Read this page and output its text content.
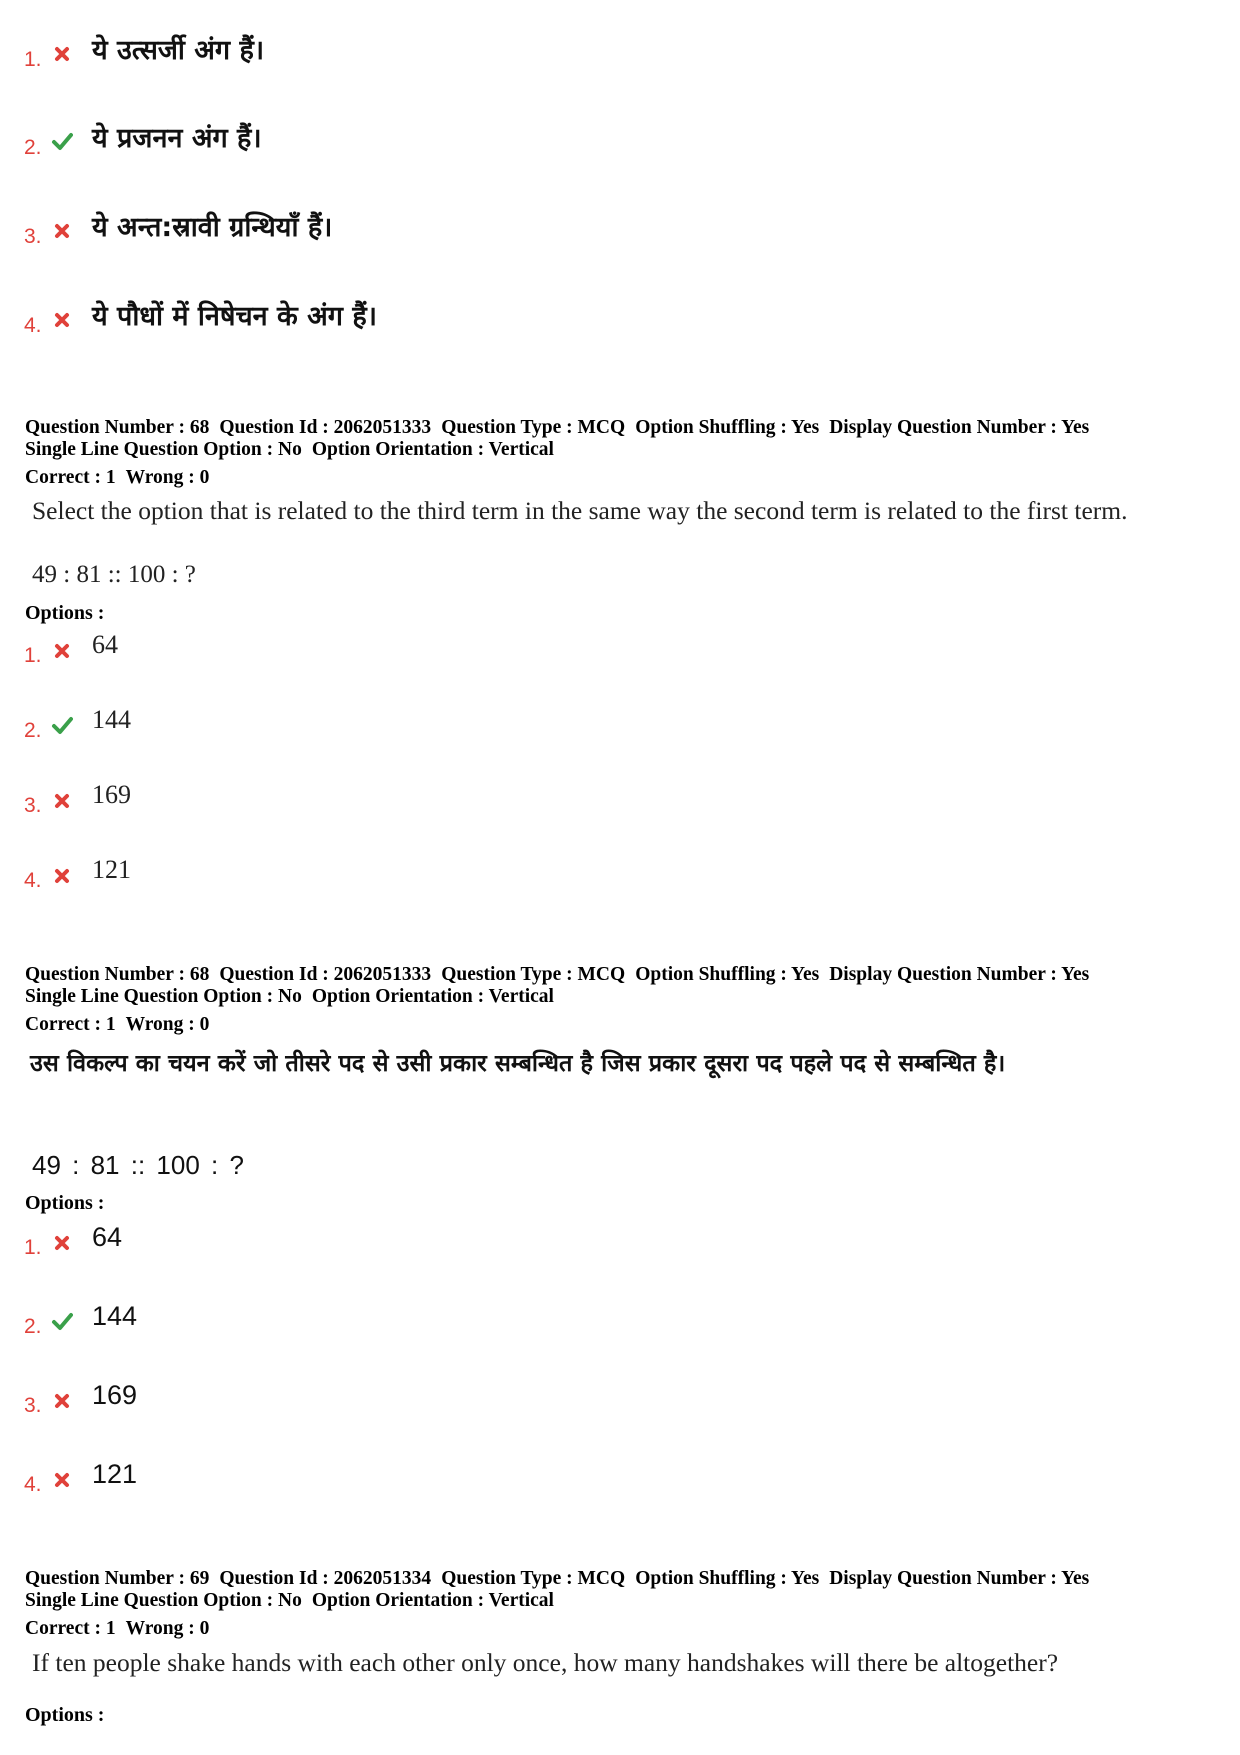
1. ये उत्सर्जी अंग हैं।
2. ये प्रजनन अंग हैं।
3. ये अन्त:स्रावी ग्रन्थियाँ हैं।
4. ये पौधों में निषेचन के अंग हैं।
Question Number : 68 Question Id : 2062051333 Question Type : MCQ Option Shuffling : Yes Display Question Number : Yes
Single Line Question Option : No Option Orientation : Vertical
Correct : 1 Wrong : 0
Select the option that is related to the third term in the same way the second term is related to the first term.
49 : 81 :: 100 : ?
Options :
1. 64
2. 144
3. 169
4. 121
Question Number : 68 Question Id : 2062051333 Question Type : MCQ Option Shuffling : Yes Display Question Number : Yes
Single Line Question Option : No Option Orientation : Vertical
Correct : 1 Wrong : 0
उस विकल्प का चयन करें जो तीसरे पद से उसी प्रकार सम्बन्धित है जिस प्रकार दूसरा पद पहले पद से सम्बन्धित है।
49 : 81 :: 100 : ?
Options :
1. 64
2. 144
3. 169
4. 121
Question Number : 69 Question Id : 2062051334 Question Type : MCQ Option Shuffling : Yes Display Question Number : Yes
Single Line Question Option : No Option Orientation : Vertical
Correct : 1 Wrong : 0
If ten people shake hands with each other only once, how many handshakes will there be altogether?
Options :
